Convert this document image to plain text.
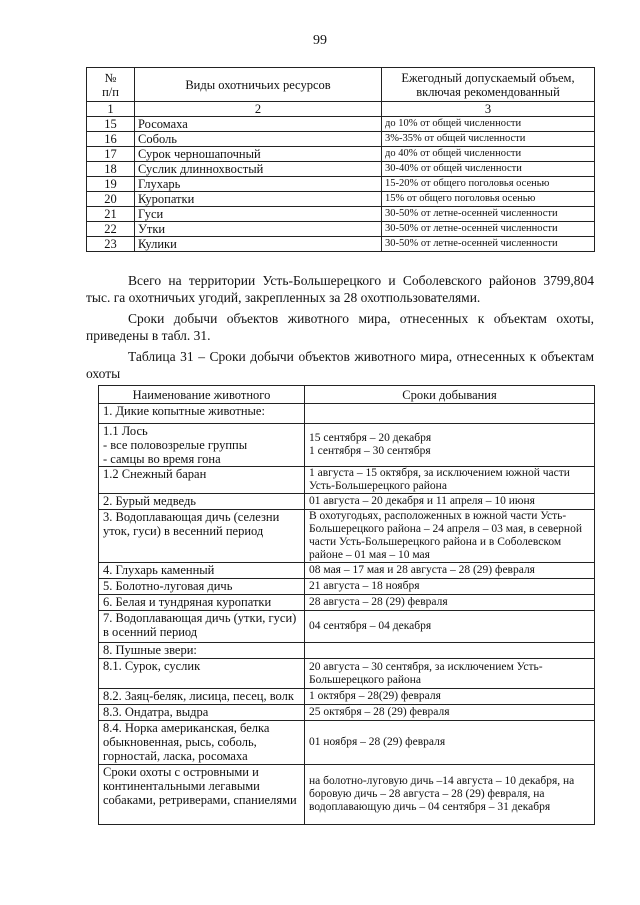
99
№
п/п	Виды охотничьих ресурсов	Ежегодный допускаемый объем,
включая рекомендованный

1	2	3
15	Росомаха	до 10% от общей численности
16	Соболь	3%-35% от общей численности
17	Сурок черношапочный	до 40% от общей численности
18	Суслик длиннохвостый	30-40% от общей численности
19	Глухарь	15-20% от общего поголовья осенью
20	Куропатки	15% от общего поголовья осенью
21	Гуси	30-50% от летне-осенней численности
22	Утки	30-50% от летне-осенней численности
23	Кулики	30-50% от летне-осенней численности
Всего на территории Усть-Большерецкого и Соболевского районов 3799,804 тыс. га охотничьих угодий, закрепленных за 28 охотпользователями.
Сроки добычи объектов животного мира, отнесенных к объектам охоты, приведены в табл. 31.
Таблица 31 – Сроки добычи объектов животного мира, отнесенных к объектам охоты
Наименование животного	Сроки добывания
1. Дикие копытные животные:	
1.1 Лось
- все половозрелые группы
- самцы во время гона	15 сентября – 20 декабря
1 сентября – 30 сентября
1.2 Снежный баран	1 августа – 15 октября, за исключением южной части Усть-Большерецкого района
2. Бурый медведь	01 августа – 20 декабря и 11 апреля – 10 июня
3. Водоплавающая дичь (селезни уток, гуси) в весенний период	В охотугодьях, расположенных в южной части Усть-Большерецкого района – 24 апреля – 03 мая, в северной части Усть-Большерецкого района и в Соболевском районе – 01 мая – 10 мая
4. Глухарь каменный	08 мая – 17 мая и 28 августа – 28 (29) февраля
5. Болотно-луговая дичь	21 августа – 18 ноября
6. Белая и тундряная куропатки	28 августа – 28 (29) февраля
7. Водоплавающая дичь (утки, гуси) в осенний период	04 сентября – 04 декабря
8. Пушные звери:	
8.1. Сурок, суслик	20 августа – 30 сентября, за исключением Усть-Большерецкого района
8.2. Заяц-беляк, лисица, песец, волк	1 октября – 28(29) февраля
8.3. Ондатра, выдра	25 октября – 28 (29) февраля
8.4. Норка американская, белка обыкновенная, рысь, соболь, горностай, ласка, росомаха	01 ноября – 28 (29) февраля
Сроки охоты с островными и континентальными легавыми собаками, ретриверами, спаниелями	на болотно-луговую дичь –14 августа – 10 декабря, на боровую дичь – 28 августа – 28 (29) февраля, на водоплавающую дичь – 04 сентября – 31 декабря
